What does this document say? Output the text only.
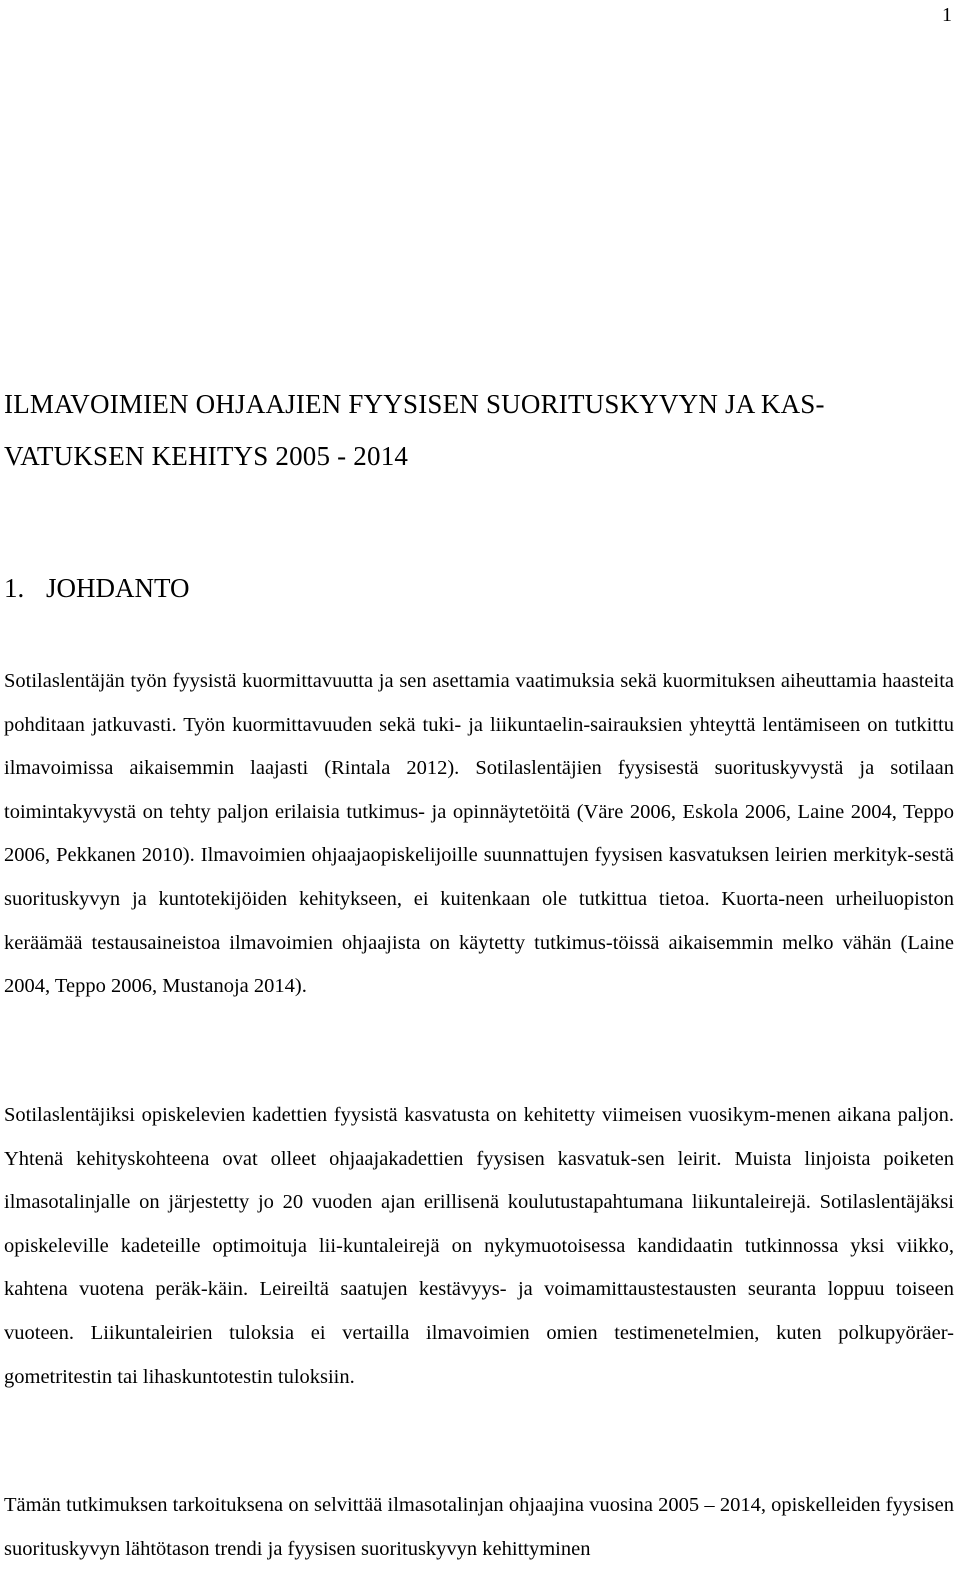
1
ILMAVOIMIEN OHJAAJIEN FYYSISEN SUORITUSKYVYN JA KAS-VATUKSEN KEHITYS 2005 - 2014
1. JOHDANTO

Sotilaslentäjän työn fyysistä kuormittavuutta ja sen asettamia vaatimuksia sekä kuormituksen aiheuttamia haasteita pohditaan jatkuvasti. Työn kuormittavuuden sekä tuki- ja liikuntaelin-sairauksien yhteyttä lentämiseen on tutkittu ilmavoimissa aikaisemmin laajasti (Rintala 2012). Sotilaslentäjien fyysisestä suorituskyvystä ja sotilaan toimintakyvystä on tehty paljon erilaisia tutkimus- ja opinnäytetöitä (Väre 2006, Eskola 2006, Laine 2004, Teppo 2006, Pekkanen 2010). Ilmavoimien ohjaajaopiskelijoille suunnattujen fyysisen kasvatuksen leirien merkityk-sestä suorituskyvyn ja kuntotekijöiden kehitykseen, ei kuitenkaan ole tutkittua tietoa. Kuorta-neen urheiluopiston keräämää testausaineistoa ilmavoimien ohjaajista on käytetty tutkimus-töissä aikaisemmin melko vähän (Laine 2004, Teppo 2006, Mustanoja 2014).

Sotilaslentäjiksi opiskelevien kadettien fyysistä kasvatusta on kehitetty viimeisen vuosikym-menen aikana paljon. Yhtenä kehityskohteena ovat olleet ohjaajakadettien fyysisen kasvatuk-sen leirit. Muista linjoista poiketen ilmasotalinjalle on järjestetty jo 20 vuoden ajan erillisenä koulutustapahtumana liikuntaleirejä. Sotilaslentäjäksi opiskeleville kadeteille optimoituja lii-kuntaleirejä on nykymuotoisessa kandidaatin tutkinnossa yksi viikko, kahtena vuotena peräk-käin. Leireiltä saatujen kestävyys- ja voimamittaustestausten seuranta loppuu toiseen vuoteen. Liikuntaleirien tuloksia ei vertailla ilmavoimien omien testimenetelmien, kuten polkupyöräer-gometritestin tai lihaskuntotestin tuloksiin.

Tämän tutkimuksen tarkoituksena on selvittää ilmasotalinjan ohjaajina vuosina 2005 – 2014, opiskelleiden fyysisen suorituskyvyn lähtötason trendi ja fyysisen suorituskyvyn kehittyminen
